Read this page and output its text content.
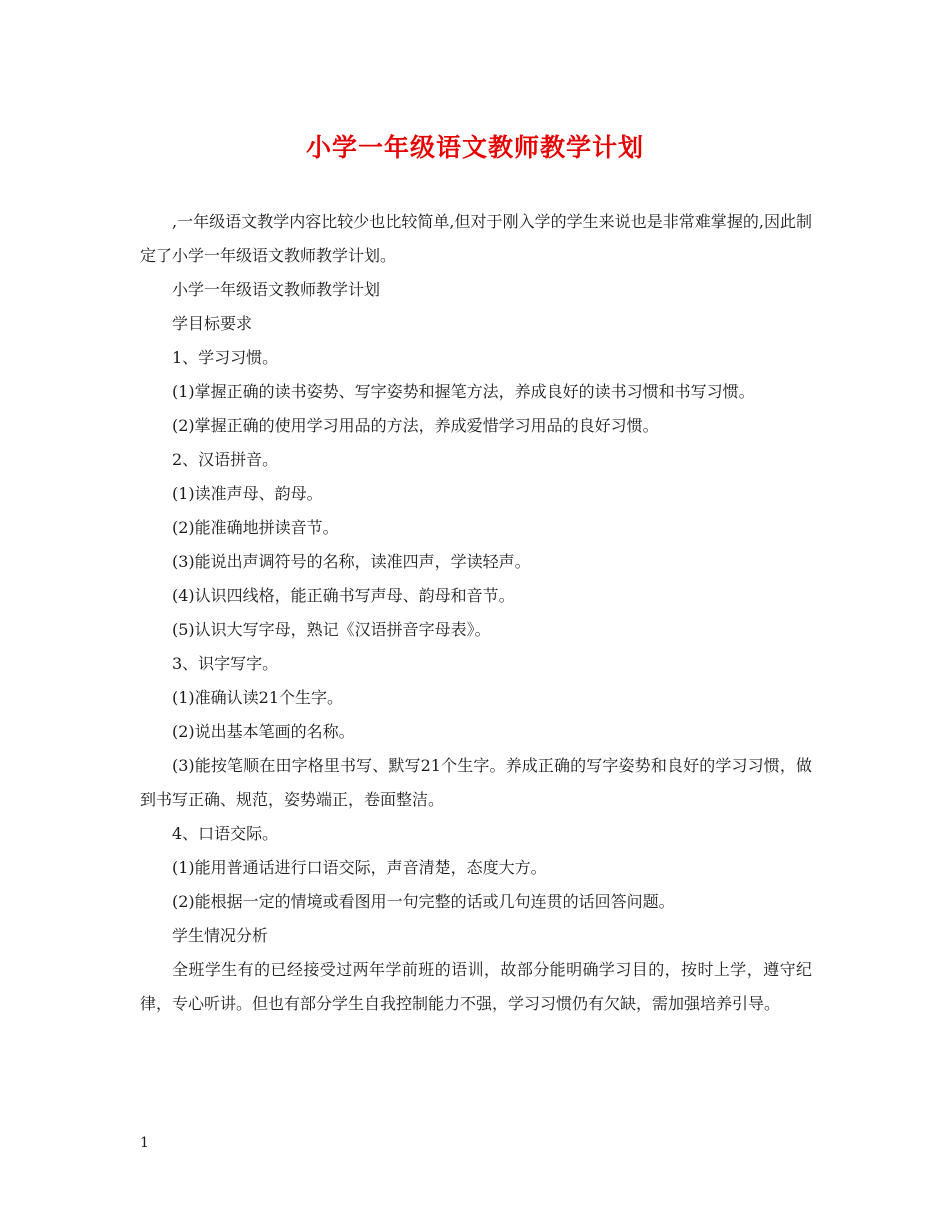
小学一年级语文教师教学计划

,一年级语文教学内容比较少也比较简单,但对于刚入学的学生来说也是非常难掌握的,因此制定了小学一年级语文教师教学计划。

小学一年级语文教师教学计划

学目标要求

1、学习习惯。

(1)掌握正确的读书姿势、写字姿势和握笔方法，养成良好的读书习惯和书写习惯。

(2)掌握正确的使用学习用品的方法，养成爱惜学习用品的良好习惯。

2、汉语拼音。

(1)读准声母、韵母。

(2)能准确地拼读音节。

(3)能说出声调符号的名称，读准四声，学读轻声。

(4)认识四线格，能正确书写声母、韵母和音节。

(5)认识大写字母，熟记《汉语拼音字母表》。

3、识字写字。

(1)准确认读21个生字。

(2)说出基本笔画的名称。

(3)能按笔顺在田字格里书写、默写21个生字。养成正确的写字姿势和良好的学习习惯，做到书写正确、规范，姿势端正，卷面整洁。

4、口语交际。

(1)能用普通话进行口语交际，声音清楚，态度大方。

(2)能根据一定的情境或看图用一句完整的话或几句连贯的话回答问题。

学生情况分析

全班学生有的已经接受过两年学前班的语训，故部分能明确学习目的，按时上学，遵守纪律，专心听讲。但也有部分学生自我控制能力不强，学习习惯仍有欠缺，需加强培养引导。

1
